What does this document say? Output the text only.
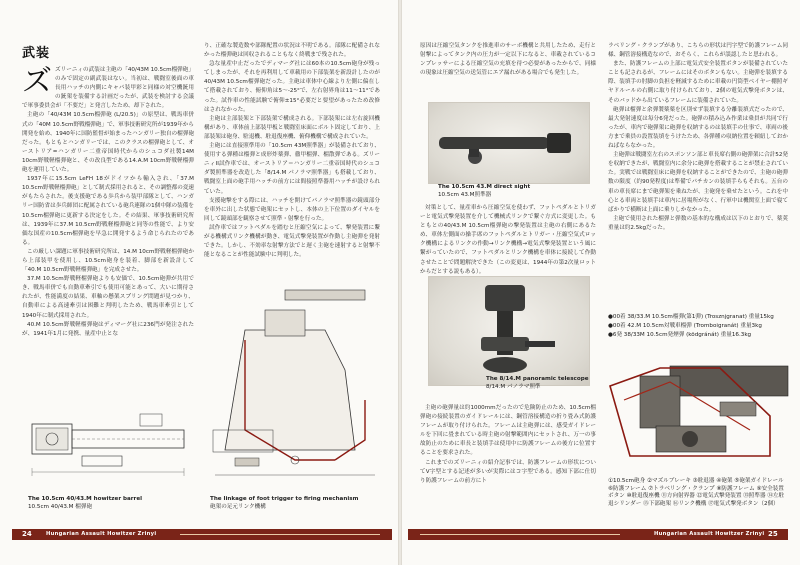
武装
ズ ズリーニィの武装は主砲の「40/43M 10.5cm榴弾砲」のみで固定の副武装はない。当初は、戦闘室後面の車長用ハッチの内側にキャパ装甲彩と同様の対空機銃用の銃架を装備する計画だったが、武装を検討する会議で軍事委員会が「不要だ」と発言したため、却下された。

主砲の「40/43M 10.5cm榴弾砲 (L/20.5)」の原型は、戦馬車併式の「40M 10.5cm野戦榴弾砲」で、軍事技術研究所が1939年から開発を始め、1940年に国防監督が始まったハンガリー独自の榴弾砲だった。もともとハンガリーでは、このクラスの榴弾砲として、オーストリア=ハンガリー二重帝国時代からのシュコダ社製14M 10cm野戦軽榴弾砲と、その改良型である14.A.M 10cm野戦軽榴弾砲を運用していた。

1937年に15.5cm LeFH 18がドイツから輸入され、「37.M 10.5cm野戦軽榴弾砲」として制式採用されると、その調整都の変速がもたらされた。後支援砲である歩兵から装甲部隊として、ハンガリー国防省は歩兵師団に配属されている砲兵連隊の1個中隊の装備を10.5cm榴弾砲に更新する決定をした。その結果、軍事技術研究所は、1939年に37.M 10.5cm野戦軽榴弾砲と同等の性能で、より安価な国産の10.5cm榴弾砲を早急に開発するよう命じられたのである。

この厳しい課題に軍事技術研究所は、14.M 10cm野戦軽榴弾砲から上部装甲を使用し、10.5cm砲身を装着、脚部を新設計して「40.M 10.5cm野戦軽榴弾砲」を完成させた。

37.M 10.5cm野戦軽榴弾砲よりも安価で、10.5cm砲弾が共用でき、戦馬車併でも自動車牽引でも使用可能とあって、大いに期待されたが、性能満度の結果、車軸の懸架スプリング問題が見つかり、自動車による高速牽引は困難と判明したため、戦馬車牽引として1940年に制式採用された。

40.M 10.5cm野戦軽榴弾砲はディマーグ社に236門が発注されたが、1941年1月に発携、量産中止とな

り、正確な製造数や部隊配置の状況は不明である。部隊に配備されなかった榴弾砲は回収されることもなく終戦まで残された。

急な量産中止だったでディマーグ社には60本の10.5cm砲身が残ってしまったが、それを再利用して車載用の下部装架を新設計したのが40/43M 10.5cm榴弾砲だった。主砲は車体中心線より左側に偏在して搭載されており、俯仰角は5～-25°で、左右射界角は11～11°であった。試作車の性能試験で俯仰±15°必要だと要望があったため改修はされなかった。

主砲は主部装架と下部装架で構成される。下部装架には左右旋回機構があり、車体前上部装甲板と戦闘室床面にボルト固定しており、上部装架は砲身、駐退機、駐退復座機、俯仰機構で構成されていた。

主砲には直接照準用の「10.5cm 43M照準器」が装備されており、使用する弾種は榴弾と成形炸薬弾、徹甲榴弾、榴散弾である。ズリーニィII試作車では、オーストリア＝ハンガリー二重帝国時代のシュコダ製照準器を改造した「8/14.M パノラマ照準器」も搭載しており、戦闘室上面の砲手用ハッチの前方には間接照準器用ハッチが設けられていた。

支援砲撃をする際には、ハッチを開けてパノラマ照準器の鏡頭部分を車外に出した状態で砲架にセットし、本体の上下位置のダイヤルを回して鏡頭部を観察させて照準・射撃を行った。

試作車ではフットペダルを踏むと圧縮空気によって、撃発装置に繋がる機構式リンク機構が動き、電気式撃発装置が作動し主砲弾を発射できた。しかし、不効率な射撃方法でと遅く主砲を速射すると射撃不能となることが性能試験中に判明した。

The 10.5cm 40/43.M howitzer barrel
10.5cm 40/43.M 榴弾砲
The linkage of foot trigger to firing mechanism
砲架の足元リンク機構

原因は圧縮空気タンクを推進車のサーボ機構と共用したため、走行と射撃によってタンク内の圧力が一定以下になると、車載されているコンプレッサーによる圧縮空気の充填を待つ必要があったからで、同様の現象は圧縮空気の送気管にエア漏れがある場合でも発生した。

The 10.5cm 43.M direct sight
10.5cm 43.M照準器

対策として、量産車から圧縮空気を使わず、フットペダルとトリガーと電気式撃発装置を介して機械式リンクで繋ぐ方式に変更した。もともとの40/43.M 10.5cm榴弾砲の撃発装置は主砲の右側にあるため、車体左側面の操手席のフットペダルとトリガー・圧縮空気式ロック機構によるリンクの作動→リンク機構→電気式撃発装置という風に繋がっていたので、フットペダルとリンク機構を車体に接続して作動させたことで問題解決できた（この変更は、1944年の第2次量ロットからだとする説もある）。

The 8/14.M panoramic telescope
8/14.M パノラマ照準

主砲の砲弾量は約1000mmだったので危険防止のため、10.5cm榴弾砲の接続装置のガイドレールには、鋼管溶接構造の折り畳み式防護フレームが取り付けられた。フレームは主砲弾には、感受ガイドレールを下回に畳まれている時主砲の射撃範囲内にセットされ、万一の事故防止のために車長と装填手は使用中に防護フレームの後方に位置することを要求された。

これまでのズリーニィの紹介記事では、防護フレームの形状についてV字型とする記述が多いが実際にはコ字型である。感知下部に仕切り防護フレームの前方にト

ラベリング・クランプがあり、こちらの形状は円字型で防護フレーム同様、鋼管溶接構造なので、おそらく、これらが誤認したと思われる。

また、防護フレームの上部に電気式安全装置ボタンが装備されていたことも記されるが、フレームにはそのボタンもない。主砲弾を装填する際、装填手の肘脚の負担を軽減するために車載の円筒型ベイヤー棚照ギヤドルールの右側に取り付けられており、2個の電気式撃発ボタンは、そのバッドから出ているフレームに装備されていた。

砲弾は榴弾と余弾製薬薬を区別せず装填する分離装填式だったので、最大発射速度は毎分6発だった。砲弾の積み込み作業は乗員が共同で行ったが、車内で砲弾架に砲弾を収納するのは装填手の仕事で、車両の後方まで乗員の設置装填をうけたため、各弾種の収納位置を頼紐しておかねばならなかった。

主砲弾は戦闘室左右のスポンソン部と車長席右側の砲弾架に合計52発を収納できたが、戦闘室内に余分に砲弾を搭載することが禁止されていた。実戦では戦闘室床に砲弾を収納することができたので、主砲の砲弾数の限度（約90発程度)は準備でパチカンの装填手らもそれも。五台の車の車長席にまで砲弾架を乗ねたが、主砲発を乗せたという。これを中心とる車両と装填手は車内に居場所がなく、行軍中は機関室上面で寝てばかりで横断は上面に乗りしかなかった。

主砲で使用された榴弾と弾数の基本的な構成は以下のとおりで、薬莢重量は約2.5kgだった。

●00着 38/33.M 10.5cm榴弾(第1弾) (Trosznjgranat) 重量15kg
●00着 42.M 10.5cm対戦車榴弾 (Tromboigranát) 重量3kg
●6発 38/33M 10.5cm発煙弾 (ködgránát) 重量16.3kg
①10.5cm砲身 ②マズルブレーキ ③駐退器 ④砲架 ⑤砲架ガイドレール ⑥防護フレーム ⑦トラベリング・クランプ ⑧防護フレーム ⑨安全装置ボタン ⑩駐退復座機 ⑪方向射界器 ⑫電気式撃発装置 ⑬照準器 ⑭左駐退シリンダー ⑮下部砲架 ⑯リンク機構 ⑰電気式撃発ボタン（2個）
24	Hungarian Assault Howitzer Zrinyi	Hungarian Assault Howitzer Zrinyi 25
